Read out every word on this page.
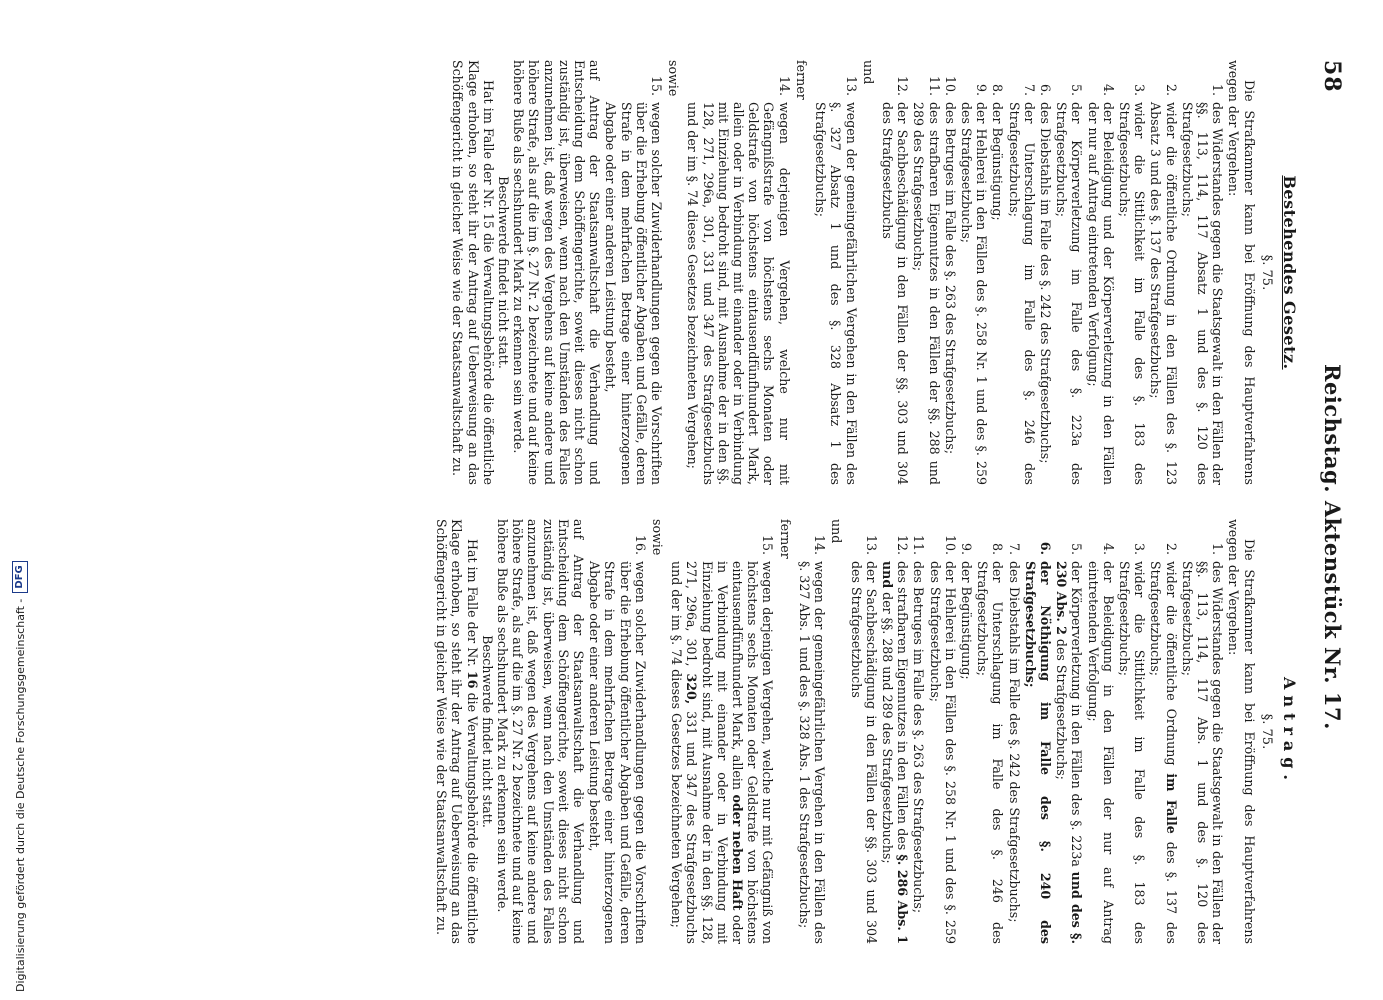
58
Reichstag. Aktenstück Nr. 17.
Bestehendes Gesetz.
§. 75.

Die Strafkammer kann bei Eröffnung des Hauptverfahrens wegen der Vergehen:

1.
des Widerstandes gegen die Staatsgewalt in den Fällen der §§. 113, 114, 117 Absatz 1 und des §. 120 des Strafgesetzbuchs;
2.
wider die öffentliche Ordnung in den Fällen des §. 123 Absatz 3 und des §. 137 des Strafgesetzbuchs;
3.
wider die Sittlichkeit im Falle des §. 183 des Strafgesetzbuchs;
4.
der Beleidigung und der Körperverletzung in den Fällen der nur auf Antrag eintretenden Verfolgung;
5.
der Körperverletzung im Falle des §. 223a des Strafgesetzbuchs;
6.
des Diebstahls im Falle des §. 242 des Strafgesetzbuchs;
7.
der Unterschlagung im Falle des §. 246 des Strafgesetzbuchs;
8.
der Begünstigung;
9.
der Hehlerei in den Fällen des §. 258 Nr. 1 und des §. 259 des Strafgesetzbuchs;
10.
des Betruges im Falle des §. 263 des Strafgesetzbuchs;
11.
des strafbaren Eigennutzes in den Fällen der §§. 288 und 289 des Strafgesetzbuchs;
12.
der Sachbeschädigung in den Fällen der §§. 303 und 304 des Strafgesetzbuchs
und
13.
wegen der gemeingefährlichen Vergehen in den Fällen des §. 327 Absatz 1 und des §. 328 Absatz 1 des Strafgesetzbuchs;
ferner
14.
wegen derjenigen Vergehen, welche nur mit Gefängnißstrafe von höchstens sechs Monaten oder Geldstrafe von höchstens eintausendfünfhundert Mark, allein oder in Verbindung mit einander oder in Verbindung mit Einziehung bedroht sind, mit Ausnahme der in den §§. 128, 271, 296a, 301, 331 und 347 des Strafgesetzbuchs und der im §. 74 dieses Gesetzes bezeichneten Vergehen;
sowie
15.
wegen solcher Zuwiderhandlungen gegen die Vorschriften über die Erhebung öffentlicher Abgaben und Gefälle, deren Strafe in dem mehrfachen Betrage einer hinterzogenen Abgabe oder einer anderen Leistung besteht,

auf Antrag der Staatsanwaltschaft die Verhandlung und Entscheidung dem Schöffengerichte, soweit dieses nicht schon zuständig ist, überweisen, wenn nach den Umständen des Falles anzunehmen ist, daß wegen des Vergehens auf keine andere und höhere Strafe, als auf die im §. 27 Nr. 2 bezeichnete und auf keine höhere Buße als sechshundert Mark zu erkennen sein werde.

Beschwerde findet nicht statt.

Hat im Falle der Nr. 15 die Verwaltungsbehörde die öffentliche Klage erhoben, so steht ihr der Antrag auf Ueberweisung an das Schöffengericht in gleicher Weise wie der Staatsanwaltschaft zu.

Antrag.
§. 75.

Die Strafkammer kann bei Eröffnung des Hauptverfahrens wegen der Vergehen:

1.
des Widerstandes gegen die Staatsgewalt in den Fällen der §§. 113, 114, 117 Abs. 1 und des §. 120 des Strafgesetzbuchs;
2.
wider die öffentliche Ordnung im Falle des §. 137 des Strafgesetzbuchs;
3.
wider die Sittlichkeit im Falle des §. 183 des Strafgesetzbuchs;
4.
der Beleidigung in den Fällen der nur auf Antrag eintretenden Verfolgung;
5.
der Körperverletzung in den Fällen des §. 223a und des §. 230 Abs. 2 des Strafgesetzbuchs;
6.
der Nöthigung im Falle des §. 240 des Strafgesetzbuchs;
7.
des Diebstahls im Falle des §. 242 des Strafgesetzbuchs;
8.
der Unterschlagung im Falle des §. 246 des Strafgesetzbuchs;
9.
der Begünstigung;
10.
der Hehlerei in den Fällen des §. 258 Nr. 1 und des §. 259 des Strafgesetzbuchs;
11.
des Betruges im Falle des §. 263 des Strafgesetzbuchs;
12.
des strafbaren Eigennutzes in den Fällen des §. 286 Abs. 1 und der §§. 288 und 289 des Strafgesetzbuchs;
13.
der Sachbeschädigung in den Fällen der §§. 303 und 304 des Strafgesetzbuchs
und
14.
wegen der gemeingefährlichen Vergehen in den Fällen des §. 327 Abs. 1 und des §. 328 Abs. 1 des Strafgesetzbuchs;
ferner
15.
wegen derjenigen Vergehen, welche nur mit Gefängniß von höchstens sechs Monaten oder Geldstrafe von höchstens eintausendfünfhundert Mark, allein oder neben Haft oder in Verbindung mit einander oder in Verbindung mit Einziehung bedroht sind, mit Ausnahme der in den §§. 128, 271, 296a, 301, 320, 331 und 347 des Strafgesetzbuchs und der im §. 74 dieses Gesetzes bezeichneten Vergehen;
sowie
16.
wegen solcher Zuwiderhandlungen gegen die Vorschriften über die Erhebung öffentlicher Abgaben und Gefälle, deren Strafe in dem mehrfachen Betrage einer hinterzogenen Abgabe oder einer anderen Leistung besteht,

auf Antrag der Staatsanwaltschaft die Verhandlung und Entscheidung dem Schöffengerichte, soweit dieses nicht schon zuständig ist, überweisen, wenn nach den Umständen des Falles anzunehmen ist, daß wegen des Vergehens auf keine andere und höhere Strafe, als auf die im §. 27 Nr. 2 bezeichnete und auf keine höhere Buße als sechshundert Mark zu erkennen sein werde.

Beschwerde findet nicht statt.

Hat im Falle der Nr. 16 die Verwaltungsbehörde die öffentliche Klage erhoben, so steht ihr der Antrag auf Ueberweisung an das Schöffengericht in gleicher Weise wie der Staatsanwaltschaft zu.

Digitalisierung gefördert durch die Deutsche Forschungsgemeinschaft -
DFG
